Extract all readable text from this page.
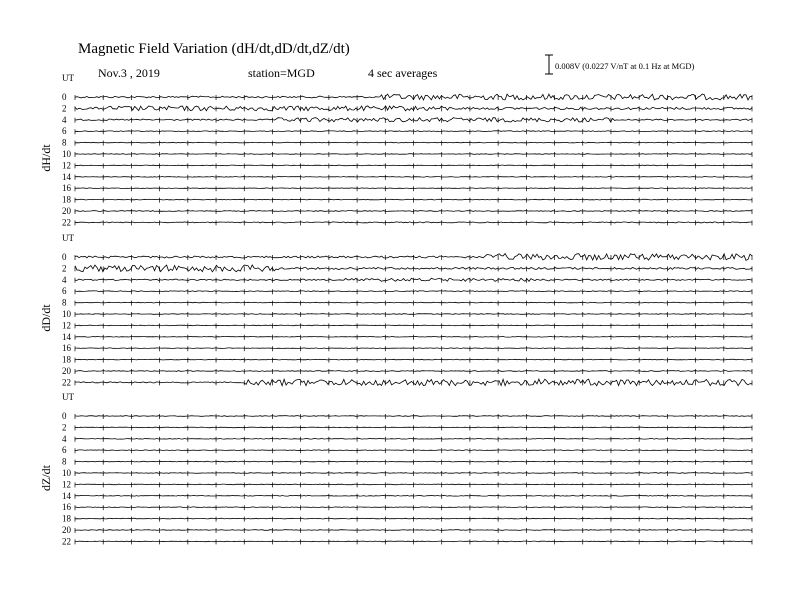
Magnetic Field Variation (dH/dt,dD/dt,dZ/dt)
Nov.3 , 2019	station=MGD	4 sec averages	0.008V (0.0227 V/nT at 0.1 Hz at MGD)
UT
dH/dt
0
2
4
6
8
10
12
14
16
18
20
22
UT
dD/dt
0
2
4
6
8
10
12
14
16
18
20
22
UT
dZ/dt
0
2
4
6
8
10
12
14
16
18
20
22
